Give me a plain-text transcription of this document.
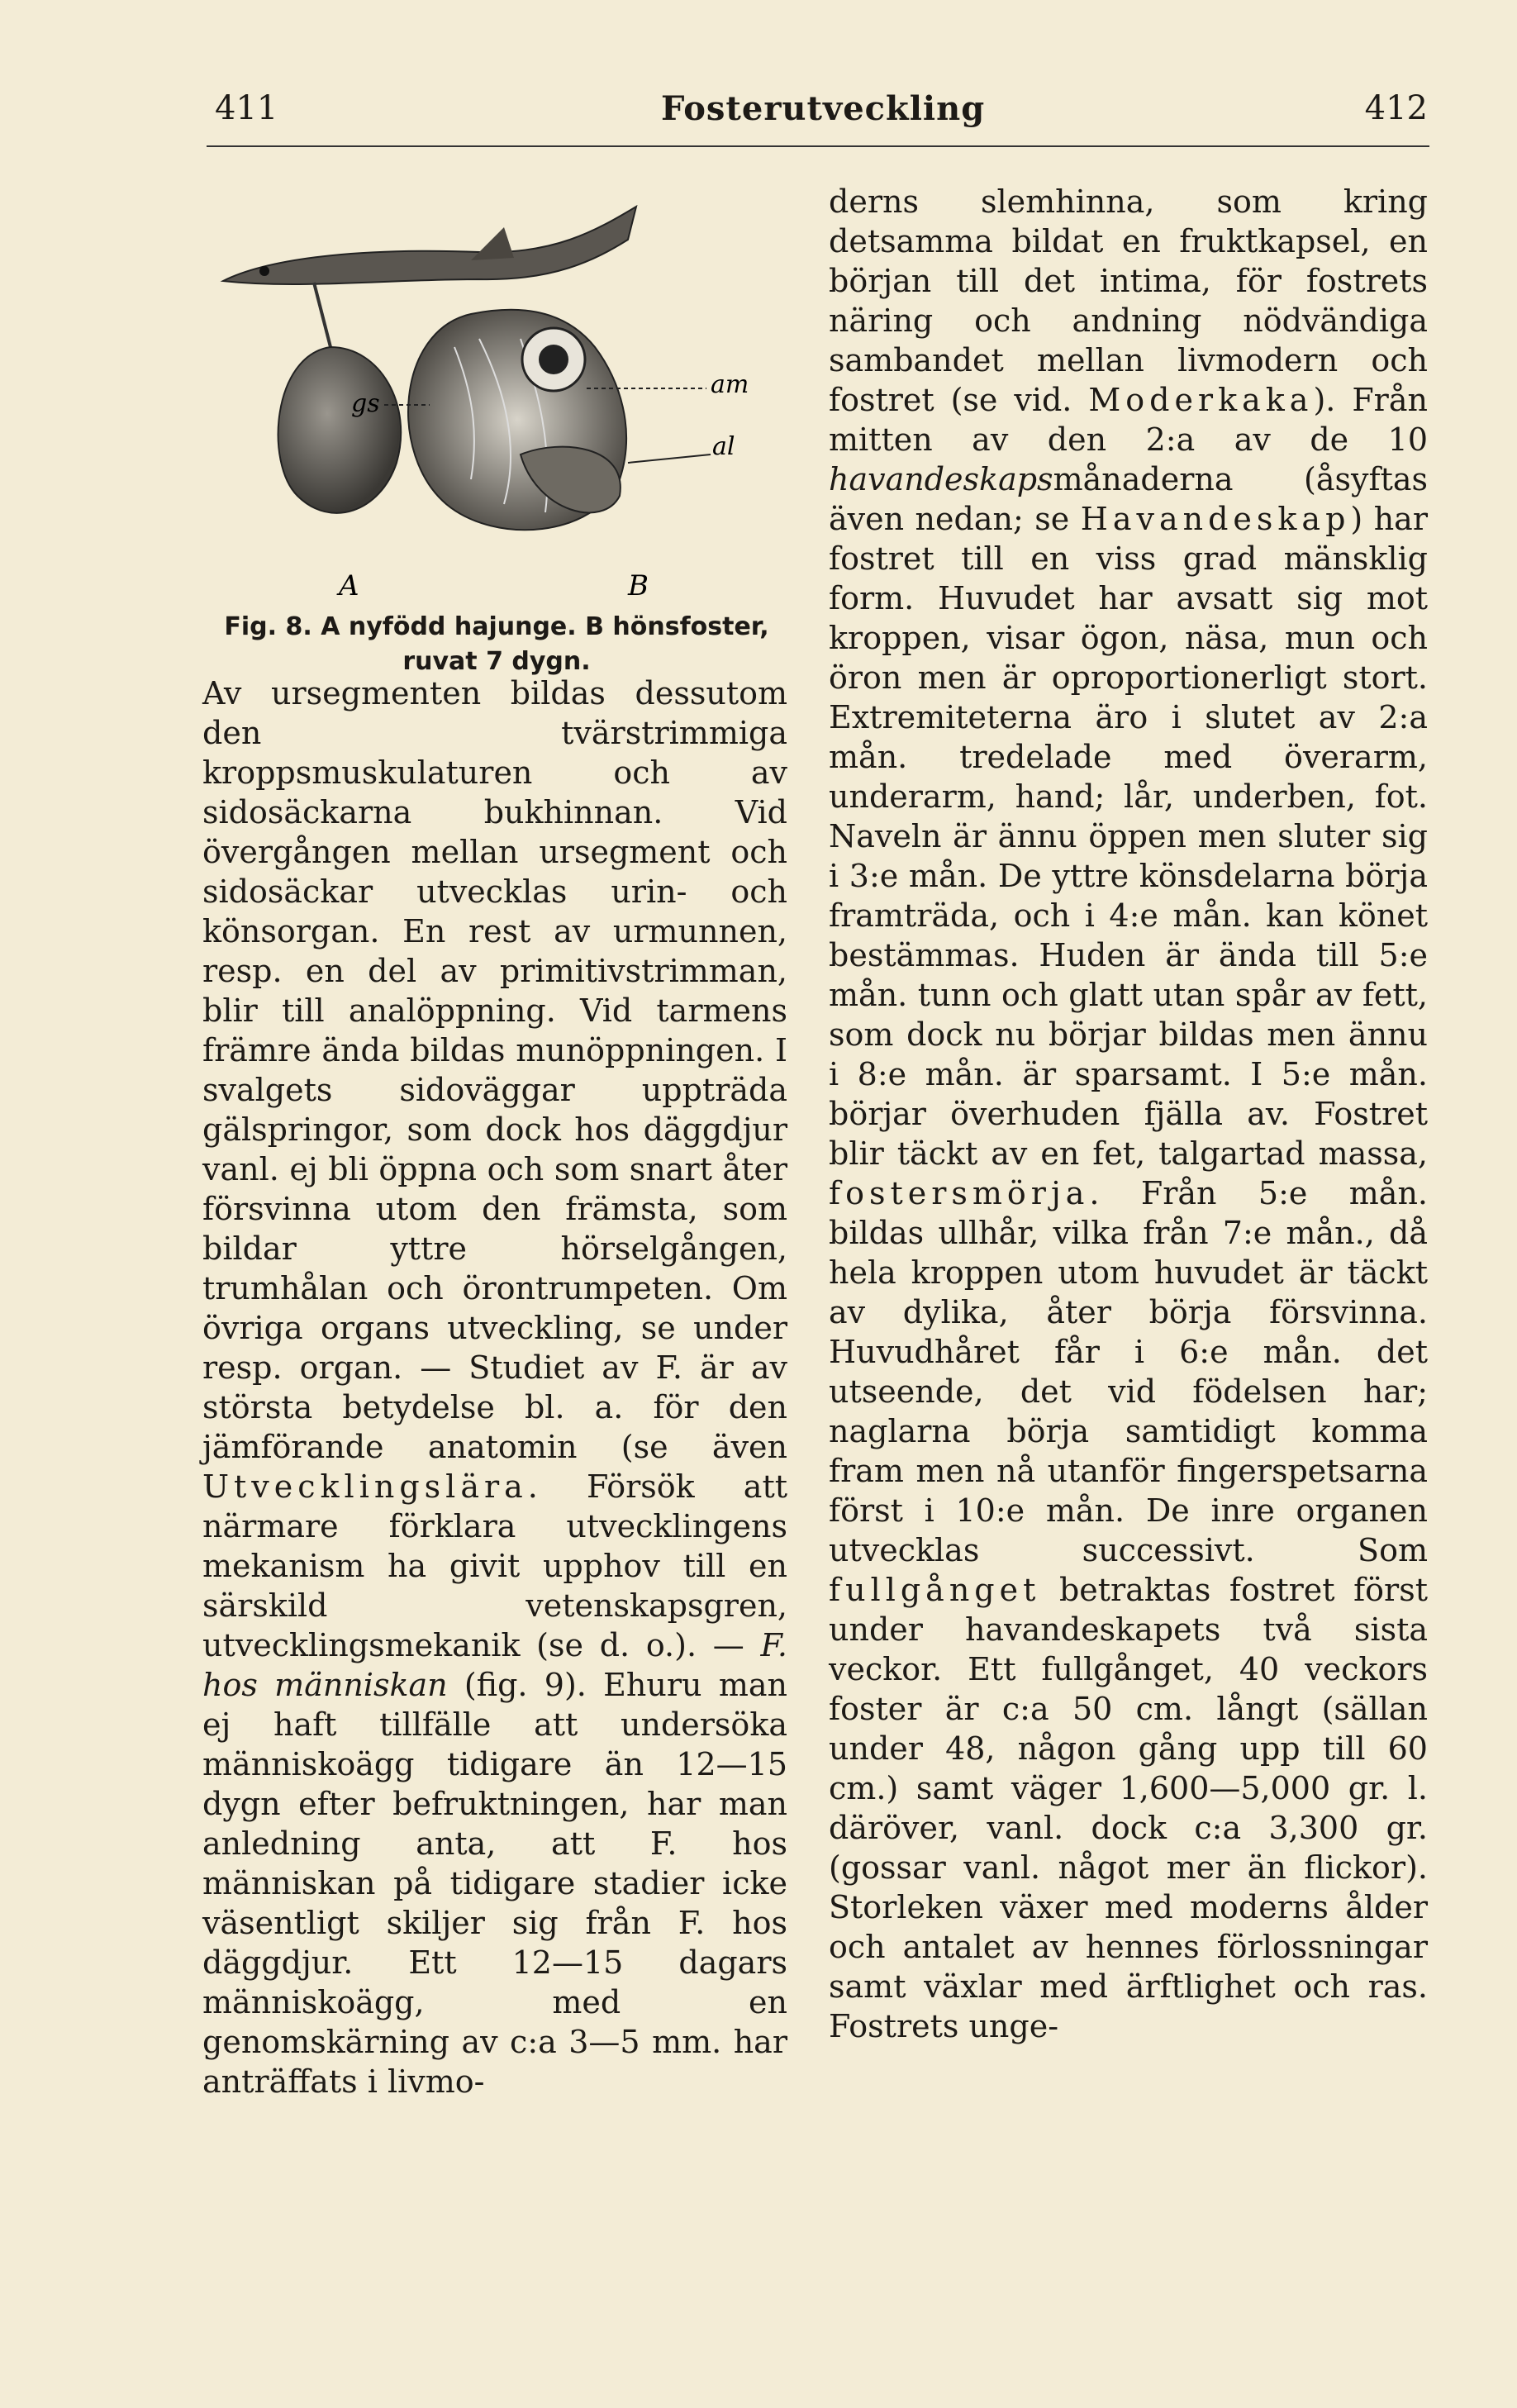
411	Fosterutveckling	412
gs
am
al
A	B
Fig. 8. A nyfödd hajunge. B hönsfoster, ruvat 7 dygn.

Av ursegmenten bildas dessutom den tvärstrimmiga kroppsmuskulaturen och av sidosäckarna bukhinnan. Vid övergången mellan ursegment och sidosäckar utvecklas urin- och könsorgan. En rest av urmunnen, resp. en del av primitivstrimman, blir till analöppning. Vid tarmens främre ända bildas munöppningen. I svalgets sidoväggar uppträda gälspringor, som dock hos däggdjur vanl. ej bli öppna och som snart åter försvinna utom den främsta, som bildar yttre hörselgången, trumhålan och örontrumpeten. Om övriga organs utveckling, se under resp. organ. — Studiet av F. är av största betydelse bl. a. för den jämförande anatomin (se även Utvecklingslära. Försök att närmare förklara utvecklingens mekanism ha givit upphov till en särskild vetenskapsgren, utvecklingsmekanik (se d. o.). — F. hos människan (fig. 9). Ehuru man ej haft tillfälle att undersöka människoägg tidigare än 12—15 dygn efter befruktningen, har man anledning anta, att F. hos människan på tidigare stadier icke väsentligt skiljer sig från F. hos däggdjur. Ett 12—15 dagars människoägg, med en genomskärning av c:a 3—5 mm. har anträffats i livmo-

derns slemhinna, som kring detsamma bildat en fruktkapsel, en början till det intima, för fostrets näring och andning nödvändiga sambandet mellan livmodern och fostret (se vid. Moderkaka). Från mitten av den 2:a av de 10 havandeskapsmånaderna (åsyftas även nedan; se Havandeskap) har fostret till en viss grad mänsklig form. Huvudet har avsatt sig mot kroppen, visar ögon, näsa, mun och öron men är oproportionerligt stort. Extremiteterna äro i slutet av 2:a mån. tredelade med överarm, underarm, hand; lår, underben, fot. Naveln är ännu öppen men sluter sig i 3:e mån. De yttre könsdelarna börja framträda, och i 4:e mån. kan könet bestämmas. Huden är ända till 5:e mån. tunn och glatt utan spår av fett, som dock nu börjar bildas men ännu i 8:e mån. är sparsamt. I 5:e mån. börjar överhuden fjälla av. Fostret blir täckt av en fet, talgartad massa, fostersmörja. Från 5:e mån. bildas ullhår, vilka från 7:e mån., då hela kroppen utom huvudet är täckt av dylika, åter börja försvinna. Huvudhåret får i 6:e mån. det utseende, det vid födelsen har; naglarna börja samtidigt komma fram men nå utanför fingerspetsarna först i 10:e mån. De inre organen utvecklas successivt. Som fullgånget betraktas fostret först under havandeskapets två sista veckor. Ett fullgånget, 40 veckors foster är c:a 50 cm. långt (sällan under 48, någon gång upp till 60 cm.) samt väger 1,600—5,000 gr. l. däröver, vanl. dock c:a 3,300 gr. (gossar vanl. något mer än flickor). Storleken växer med moderns ålder och antalet av hennes förlossningar samt växlar med ärftlighet och ras. Fostrets unge-
